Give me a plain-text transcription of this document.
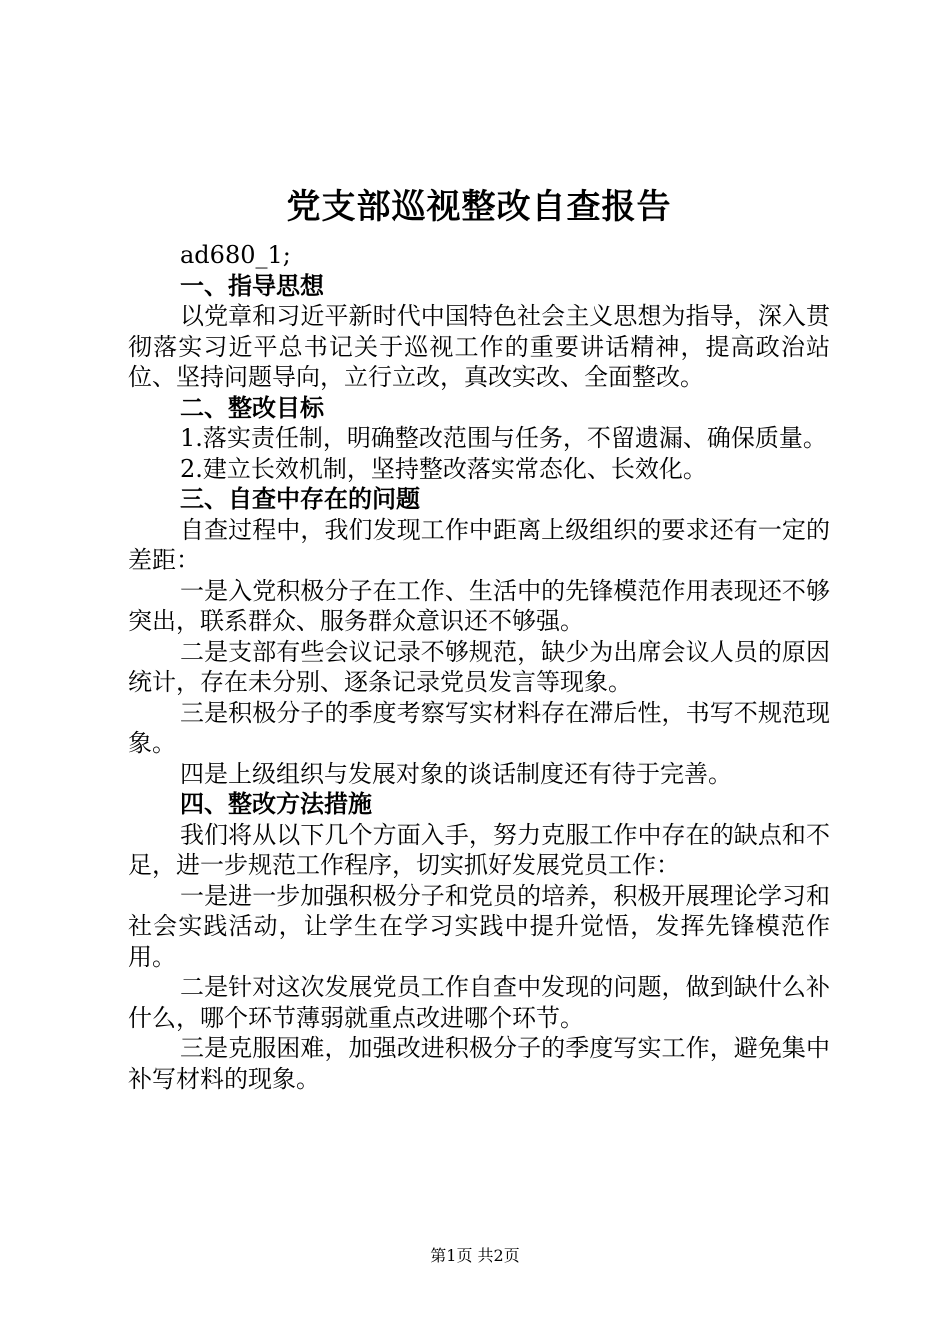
党支部巡视整改自查报告

ad680_1;

一、指导思想

以党章和习近平新时代中国特色社会主义思想为指导，深入贯彻落实习近平总书记关于巡视工作的重要讲话精神，提高政治站位、坚持问题导向，立行立改，真改实改、全面整改。

二、整改目标

1.落实责任制，明确整改范围与任务，不留遗漏、确保质量。

2.建立长效机制，坚持整改落实常态化、长效化。

三、自查中存在的问题

自查过程中，我们发现工作中距离上级组织的要求还有一定的差距：

一是入党积极分子在工作、生活中的先锋模范作用表现还不够突出，联系群众、服务群众意识还不够强。

二是支部有些会议记录不够规范，缺少为出席会议人员的原因统计，存在未分别、逐条记录党员发言等现象。

三是积极分子的季度考察写实材料存在滞后性，书写不规范现象。

四是上级组织与发展对象的谈话制度还有待于完善。

四、整改方法措施

我们将从以下几个方面入手，努力克服工作中存在的缺点和不足，进一步规范工作程序，切实抓好发展党员工作：

一是进一步加强积极分子和党员的培养，积极开展理论学习和社会实践活动，让学生在学习实践中提升觉悟，发挥先锋模范作用。

二是针对这次发展党员工作自查中发现的问题，做到缺什么补什么，哪个环节薄弱就重点改进哪个环节。

三是克服困难，加强改进积极分子的季度写实工作，避免集中补写材料的现象。

第1页 共2页
